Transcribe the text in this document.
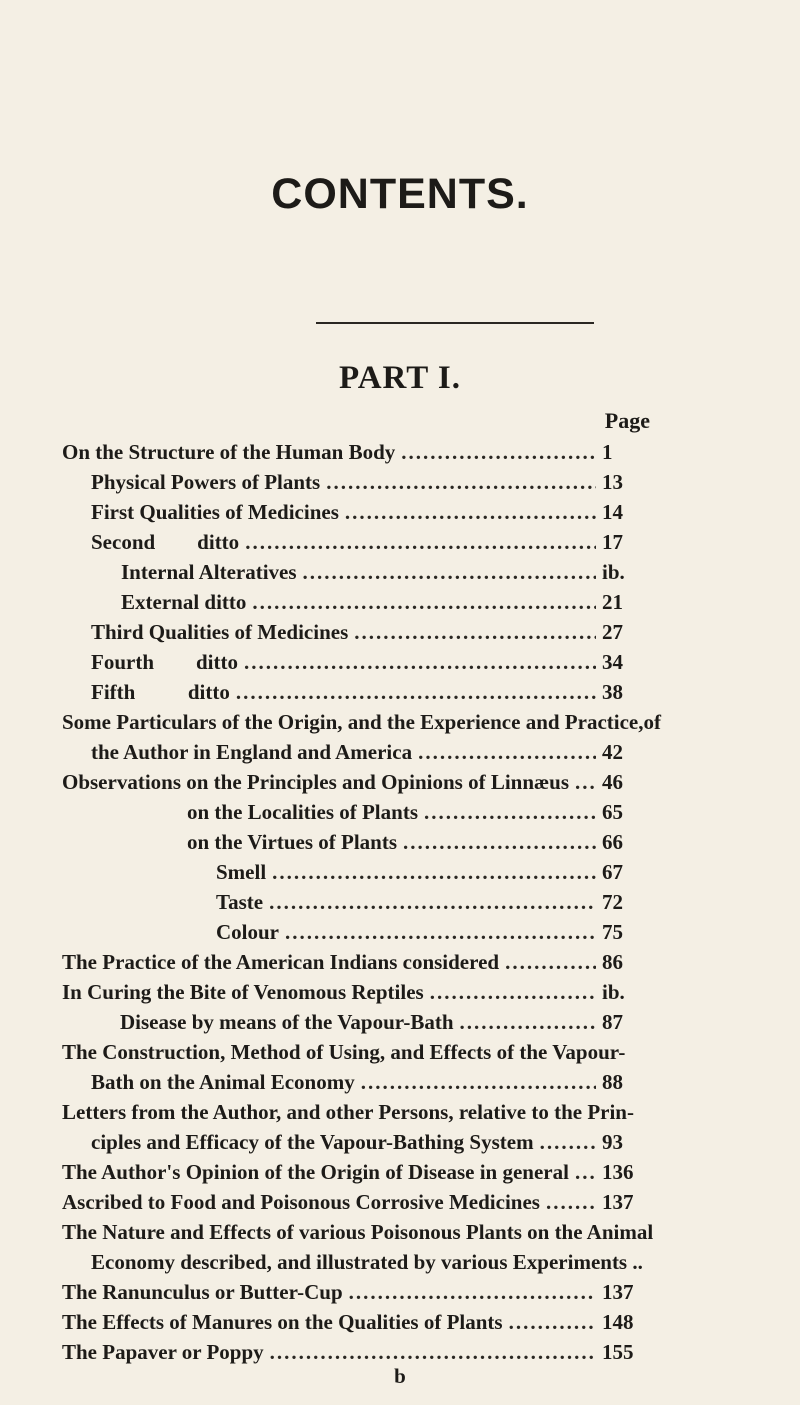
CONTENTS.
PART I.
Page
On the Structure of the Human Body .....	1
Physical Powers of Plants .....	13
First Qualities of Medicines .....	14
Second        ditto .....	17
Internal Alteratives .....	ib.
External ditto .....	21
Third Qualities of Medicines .....	27
Fourth        ditto .....	34
Fifth          ditto .....	38
Some Particulars of the Origin, and the Experience and Practice,of
the Author in England and America .....	42
Observations on the Principles and Opinions of Linnæus ..... 46
on the Localities of Plants .....	65
on the Virtues of Plants .....	66
Smell .....	67
Taste .....	72
Colour .....	75
The Practice of the American Indians considered .....	86
In Curing the Bite of Venomous Reptiles .....	ib.
Disease by means of the Vapour-Bath .....	87
The Construction, Method of Using, and Effects of the Vapour-
Bath on the Animal Economy .....	88
Letters from the Author, and other Persons, relative to the Prin-
ciples and Efficacy of the Vapour-Bathing System .....	93
The Author's Opinion of the Origin of Disease in general ..... 136
Ascribed to Food and Poisonous Corrosive Medicines .....	137
The Nature and Effects of various Poisonous Plants on the Animal
Economy described, and illustrated by various Experiments ..
The Ranunculus or Butter-Cup .....	137
The Effects of Manures on the Qualities of Plants .....	148
The Papaver or Poppy .....	155
b
